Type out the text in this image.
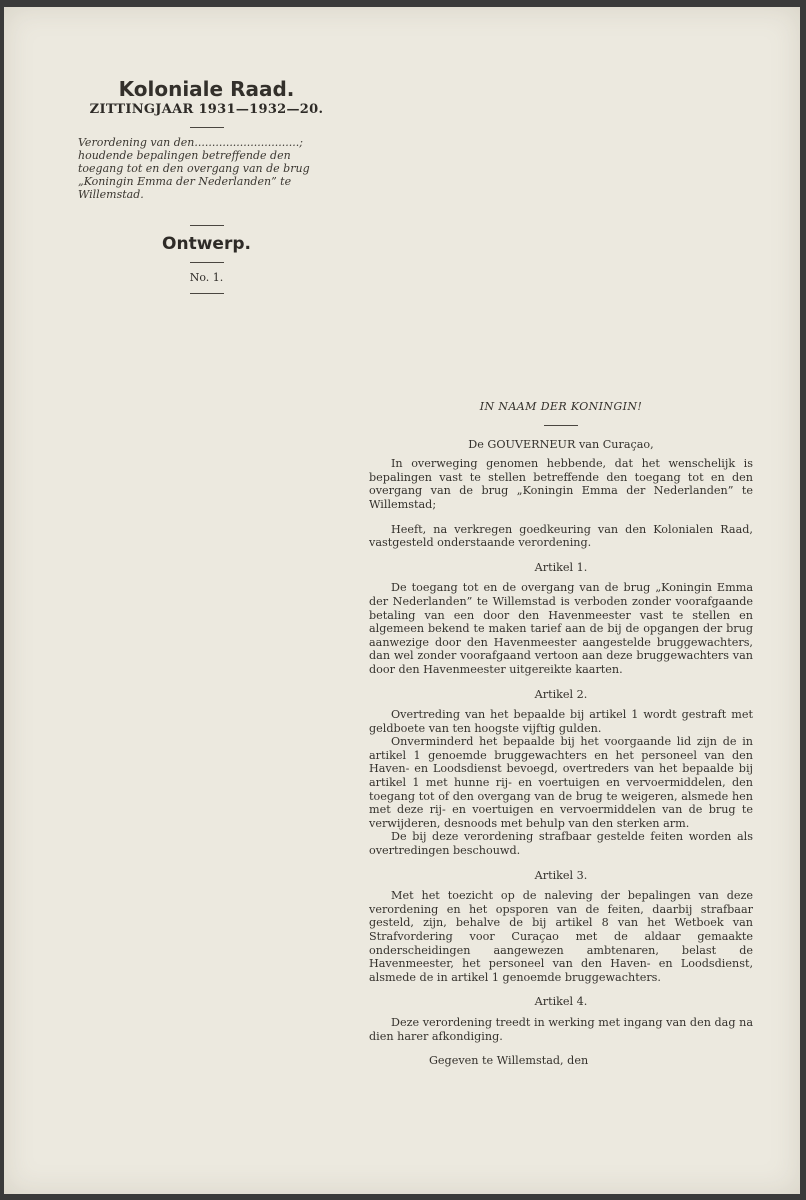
Koloniale Raad.
ZITTINGJAAR 1931—1932—20.
Verordening van den..............................; houdende bepalingen betreffende den toegang tot en den overgang van de brug „Koningin Emma der Nederlanden” te Willemstad.
Ontwerp.
No. 1.
IN NAAM DER KONINGIN!
De GOUVERNEUR van Curaçao,

In overweging genomen hebbende, dat het wenschelijk is bepalingen vast te stellen betreffende den toegang tot en den overgang van de brug „Koningin Emma der Nederlanden” te Willemstad;

Heeft, na verkregen goedkeuring van den Kolonialen Raad, vastgesteld onderstaande verordening.

Artikel 1.

De toegang tot en de overgang van de brug „Koningin Emma der Nederlanden” te Willemstad is verboden zonder voorafgaande betaling van een door den Havenmeester vast te stellen en algemeen bekend te maken tarief aan de bij de opgangen der brug aanwezige door den Havenmeester aangestelde bruggewachters, dan wel zonder voorafgaand vertoon aan deze bruggewachters van door den Havenmeester uitgereikte kaarten.

Artikel 2.

Overtreding van het bepaalde bij artikel 1 wordt gestraft met geldboete van ten hoogste vijftig gulden.

Onverminderd het bepaalde bij het voorgaande lid zijn de in artikel 1 genoemde bruggewachters en het personeel van den Haven- en Loodsdienst bevoegd, overtreders van het bepaalde bij artikel 1 met hunne rij- en voertuigen en vervoermiddelen, den toegang tot of den overgang van de brug te weigeren, alsmede hen met deze rij- en voertuigen en vervoermiddelen van de brug te verwijderen, desnoods met behulp van den sterken arm.

De bij deze verordening strafbaar gestelde feiten worden als overtredingen beschouwd.

Artikel 3.

Met het toezicht op de naleving der bepalingen van deze verordening en het opsporen van de feiten, daarbij strafbaar gesteld, zijn, behalve de bij artikel 8 van het Wetboek van Strafvordering voor Curaçao met de aldaar gemaakte onderscheidingen aangewezen ambtenaren, belast de Havenmeester, het personeel van den Haven- en Loodsdienst, alsmede de in artikel 1 genoemde bruggewachters.

Artikel 4.

Deze verordening treedt in werking met ingang van den dag na dien harer afkondiging.

Gegeven te Willemstad, den
